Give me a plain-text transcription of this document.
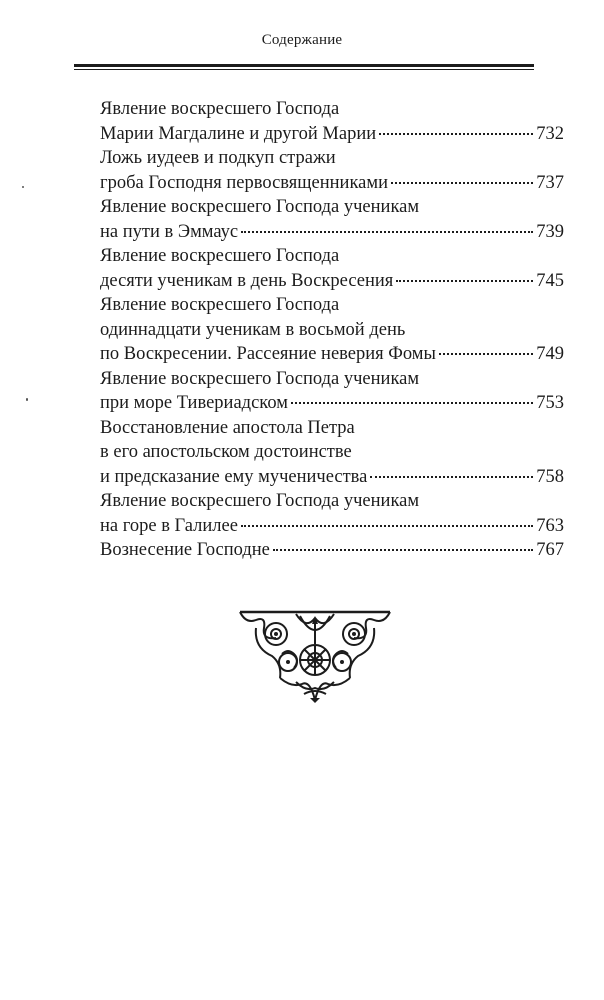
Содержание
Явление воскресшего Господа
Марии Магдалине и другой Марии	732
Ложь иудеев и подкуп стражи
гроба Господня первосвященниками	737
Явление воскресшего Господа ученикам
на пути в Эммаус	739
Явление воскресшего Господа
десяти ученикам в день Воскресения	745
Явление воскресшего Господа
одиннадцати ученикам в восьмой день
по Воскресении. Рассеяние неверия Фомы	749
Явление воскресшего Господа ученикам
при море Тивериадском	753
Восстановление апостола Петра
в его апостольском достоинстве
и предсказание ему мученичества	758
Явление воскресшего Господа ученикам
на горе в Галилее	763
Вознесение Господне	767
